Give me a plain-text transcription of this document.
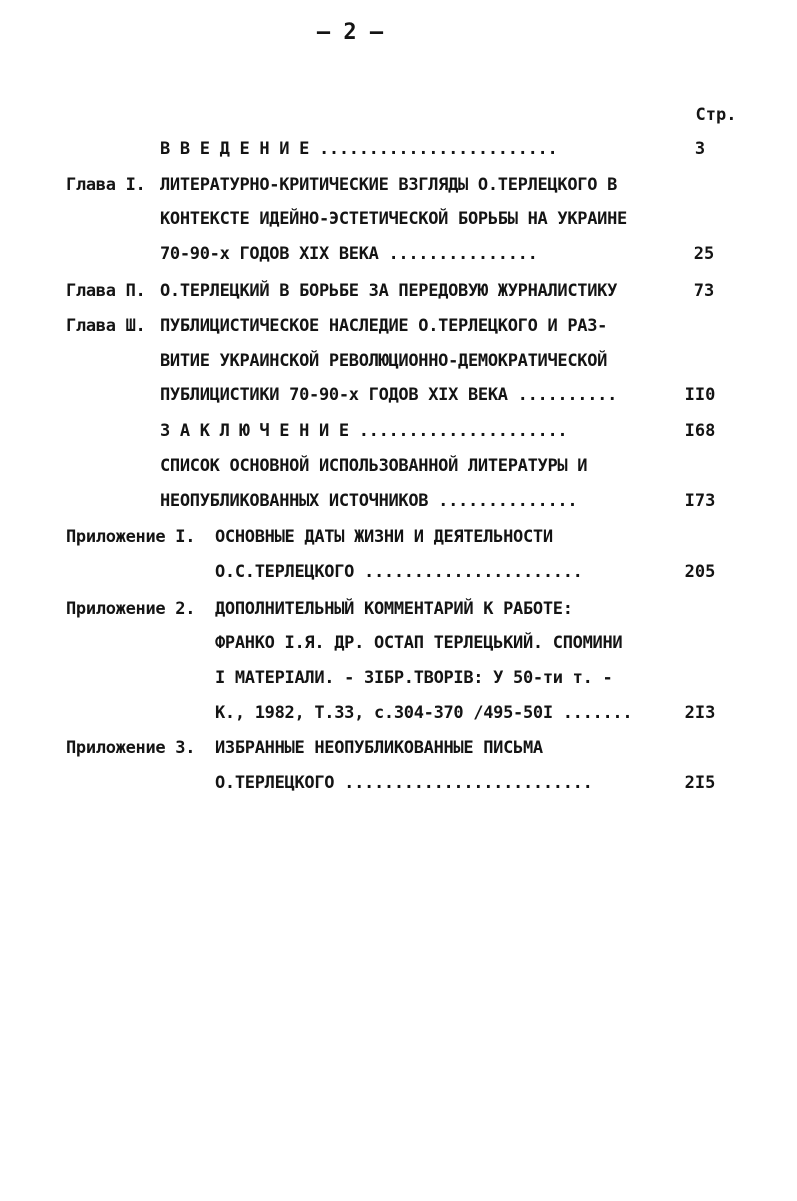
– 2 –
Стр.
В В Е Д Е Н И Е ........................	3
Глава I. ЛИТЕРАТУРНО-КРИТИЧЕСКИЕ ВЗГЛЯДЫ О.ТЕРЛЕЦКОГО В
КОНТЕКСТЕ ИДЕЙНО-ЭСТЕТИЧЕСКОЙ БОРЬБЫ НА УКРАИНЕ
70-90-х ГОДОВ XIX ВЕКА ...............	25
Глава П. О.ТЕРЛЕЦКИЙ В БОРЬБЕ ЗА ПЕРЕДОВУЮ ЖУРНАЛИСТИКУ	73
Глава Ш. ПУБЛИЦИСТИЧЕСКОЕ НАСЛЕДИЕ О.ТЕРЛЕЦКОГО И РАЗ-
ВИТИЕ УКРАИНСКОЙ РЕВОЛЮЦИОННО-ДЕМОКРАТИЧЕСКОЙ
ПУБЛИЦИСТИКИ 70-90-х ГОДОВ XIX ВЕКА ..........	II0
З А К Л Ю Ч Е Н И Е .....................	I68
СПИСОК ОСНОВНОЙ ИСПОЛЬЗОВАННОЙ ЛИТЕРАТУРЫ И
НЕОПУБЛИКОВАННЫХ ИСТОЧНИКОВ ..............	I73
Приложение I. ОСНОВНЫЕ ДАТЫ ЖИЗНИ И ДЕЯТЕЛЬНОСТИ
О.С.ТЕРЛЕЦКОГО ......................	205
Приложение 2. ДОПОЛНИТЕЛЬНЫЙ КОММЕНТАРИЙ К РАБОТЕ:
ФРАНКО І.Я. ДР. ОСТАП ТЕРЛЕЦЬКИЙ. СПОМИНИ
І МАТЕРІАЛИ. - ЗІБР.ТВОРІВ: У 50-ти т. -
К., 1982, Т.33, с.304-370 /495-50I .......	2I3
Приложение 3. ИЗБРАННЫЕ НЕОПУБЛИКОВАННЫЕ ПИСЬМА
О.ТЕРЛЕЦКОГО .........................	2I5
